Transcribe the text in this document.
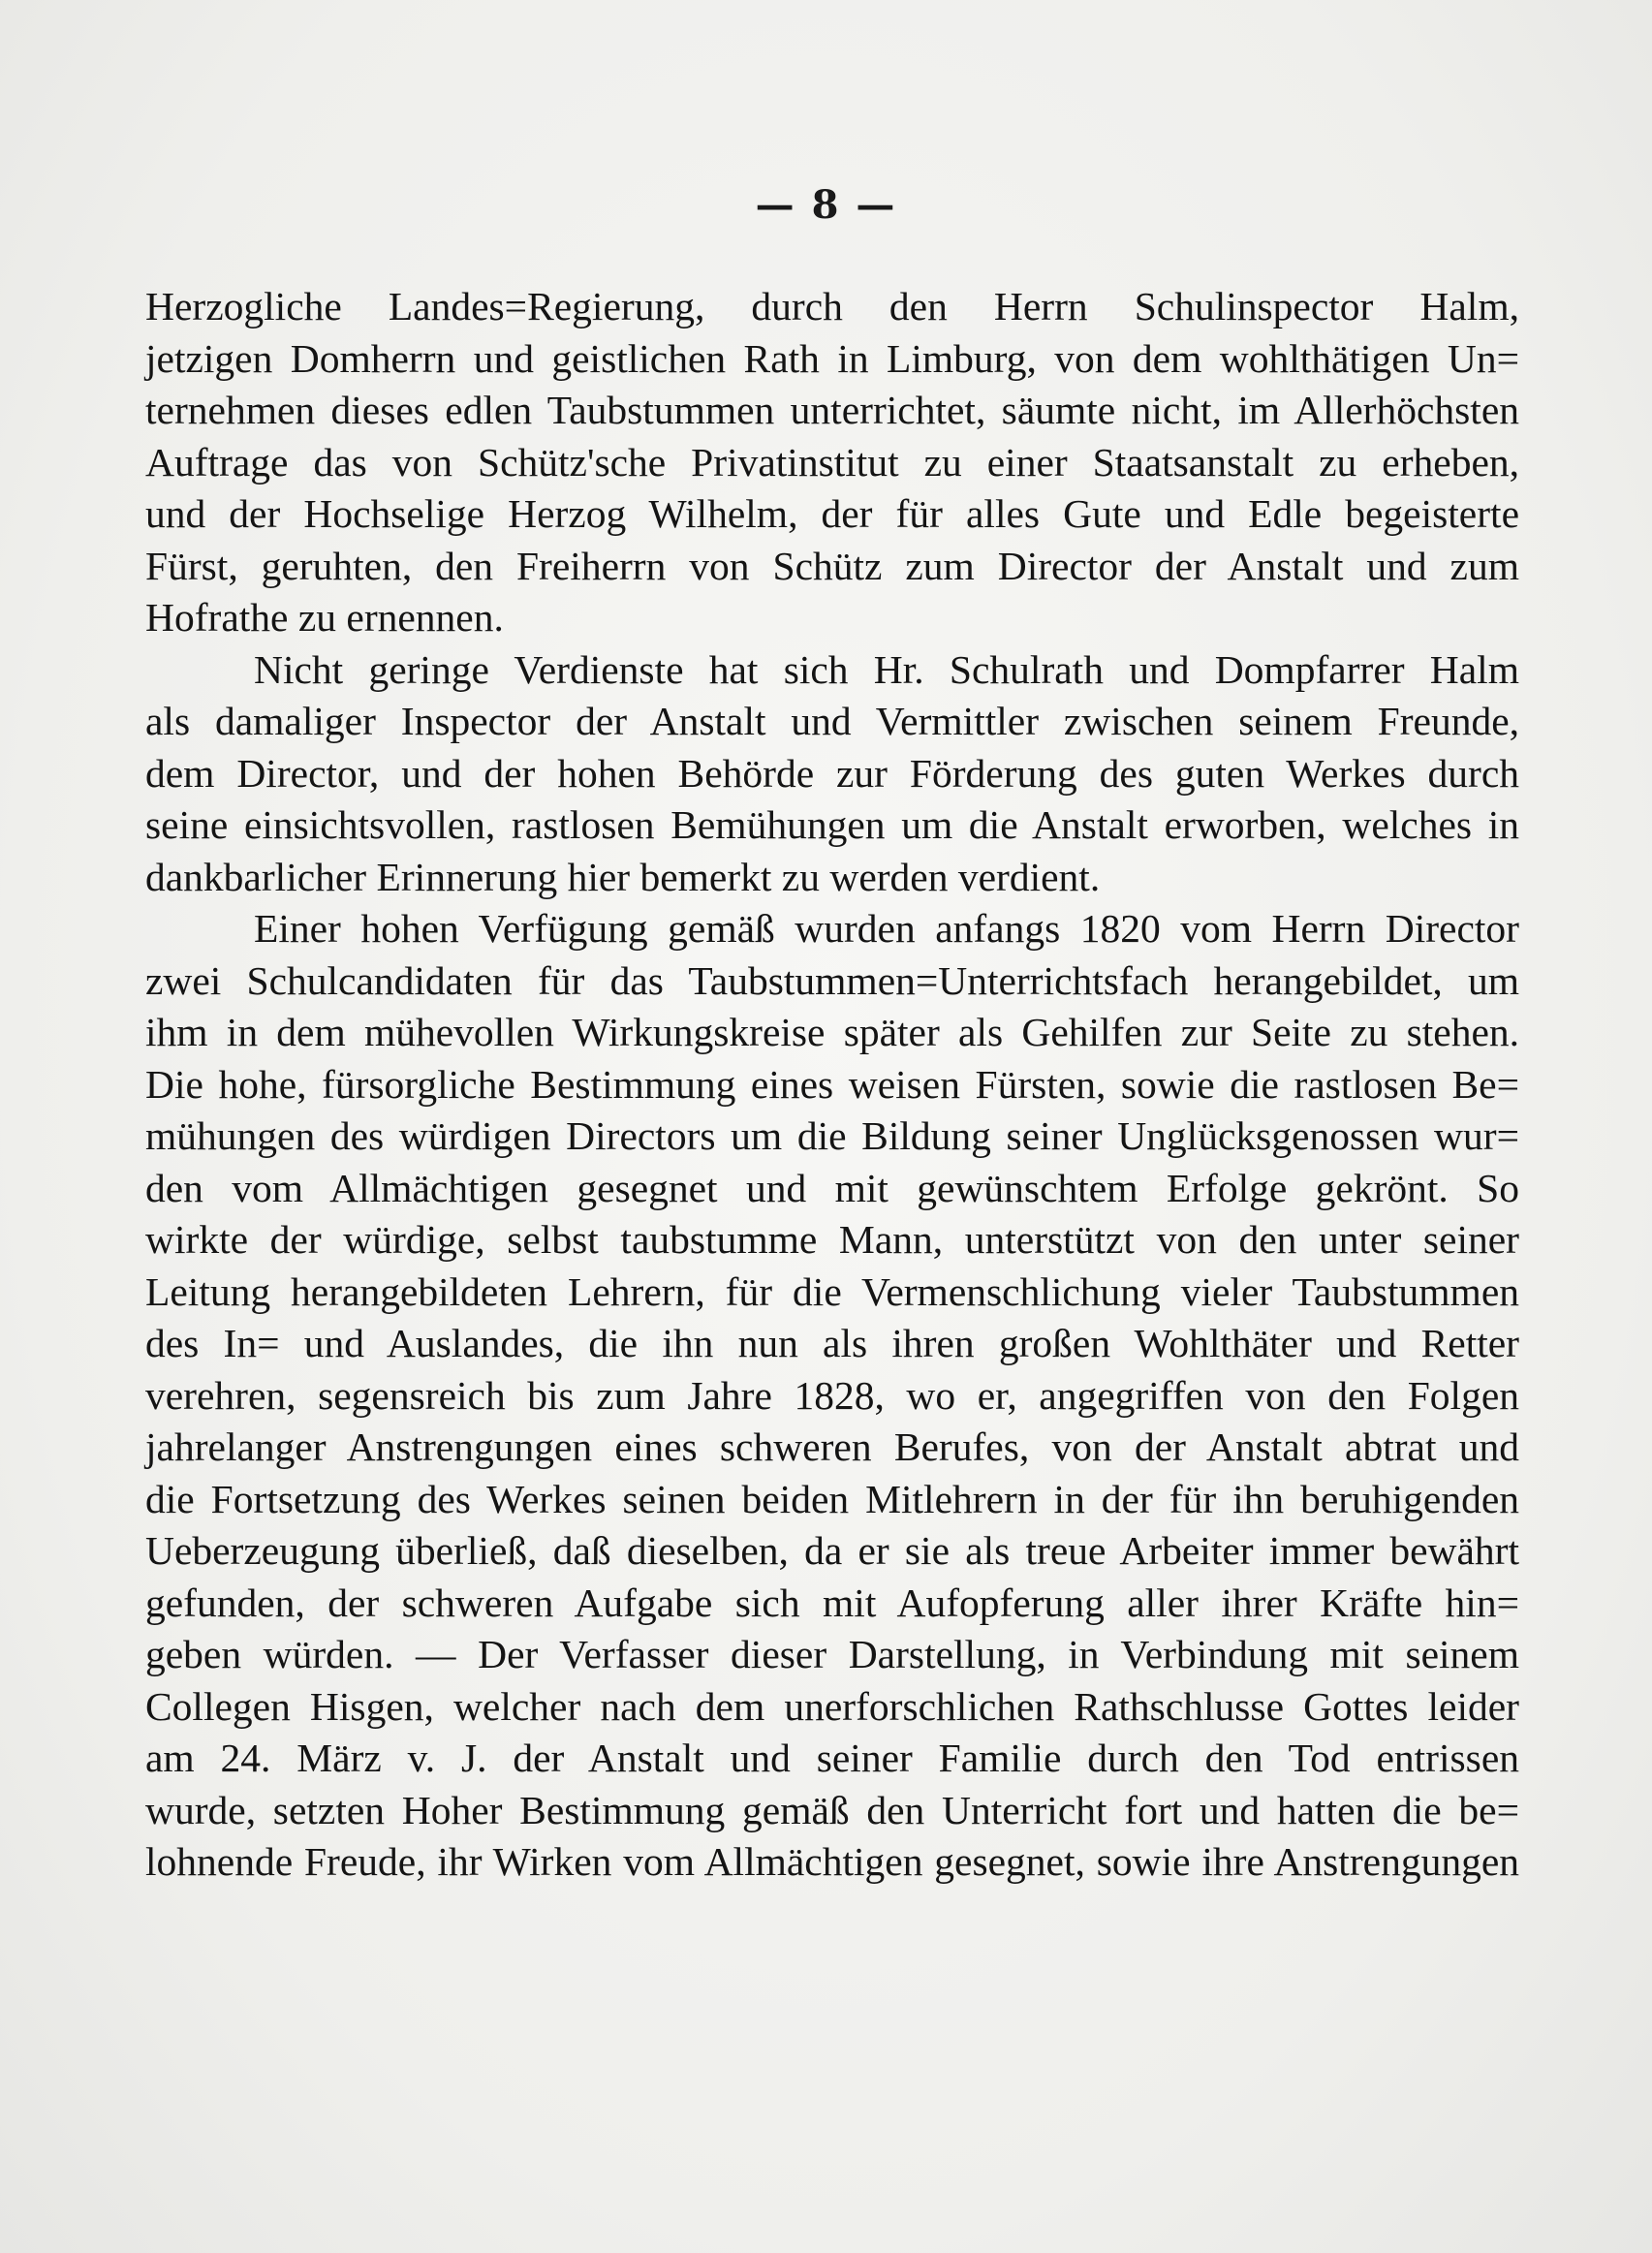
— 8 —
Herzogliche Landes=Regierung, durch den Herrn Schulinspector Halm,
jetzigen Domherrn und geistlichen Rath in Limburg, von dem wohlthätigen Un=
ternehmen dieses edlen Taubstummen unterrichtet, säumte nicht, im Allerhöchsten
Auftrage das von Schütz'sche Privatinstitut zu einer Staatsanstalt zu erheben,
und der Hochselige Herzog Wilhelm, der für alles Gute und Edle begeisterte
Fürst, geruhten, den Freiherrn von Schütz zum Director der Anstalt und zum
Hofrathe zu ernennen.
Nicht geringe Verdienste hat sich Hr. Schulrath und Dompfarrer Halm
als damaliger Inspector der Anstalt und Vermittler zwischen seinem Freunde,
dem Director, und der hohen Behörde zur Förderung des guten Werkes durch
seine einsichtsvollen, rastlosen Bemühungen um die Anstalt erworben, welches in
dankbarlicher Erinnerung hier bemerkt zu werden verdient.
Einer hohen Verfügung gemäß wurden anfangs 1820 vom Herrn Director
zwei Schulcandidaten für das Taubstummen=Unterrichtsfach herangebildet, um
ihm in dem mühevollen Wirkungskreise später als Gehilfen zur Seite zu stehen.
Die hohe, fürsorgliche Bestimmung eines weisen Fürsten, sowie die rastlosen Be=
mühungen des würdigen Directors um die Bildung seiner Unglücksgenossen wur=
den vom Allmächtigen gesegnet und mit gewünschtem Erfolge gekrönt. So
wirkte der würdige, selbst taubstumme Mann, unterstützt von den unter seiner
Leitung herangebildeten Lehrern, für die Vermenschlichung vieler Taubstummen
des In= und Auslandes, die ihn nun als ihren großen Wohlthäter und Retter
verehren, segensreich bis zum Jahre 1828, wo er, angegriffen von den Folgen
jahrelanger Anstrengungen eines schweren Berufes, von der Anstalt abtrat und
die Fortsetzung des Werkes seinen beiden Mitlehrern in der für ihn beruhigenden
Ueberzeugung überließ, daß dieselben, da er sie als treue Arbeiter immer bewährt
gefunden, der schweren Aufgabe sich mit Aufopferung aller ihrer Kräfte hin=
geben würden. — Der Verfasser dieser Darstellung, in Verbindung mit seinem
Collegen Hisgen, welcher nach dem unerforschlichen Rathschlusse Gottes leider
am 24. März v. J. der Anstalt und seiner Familie durch den Tod entrissen
wurde, setzten Hoher Bestimmung gemäß den Unterricht fort und hatten die be=
lohnende Freude, ihr Wirken vom Allmächtigen gesegnet, sowie ihre Anstrengungen
